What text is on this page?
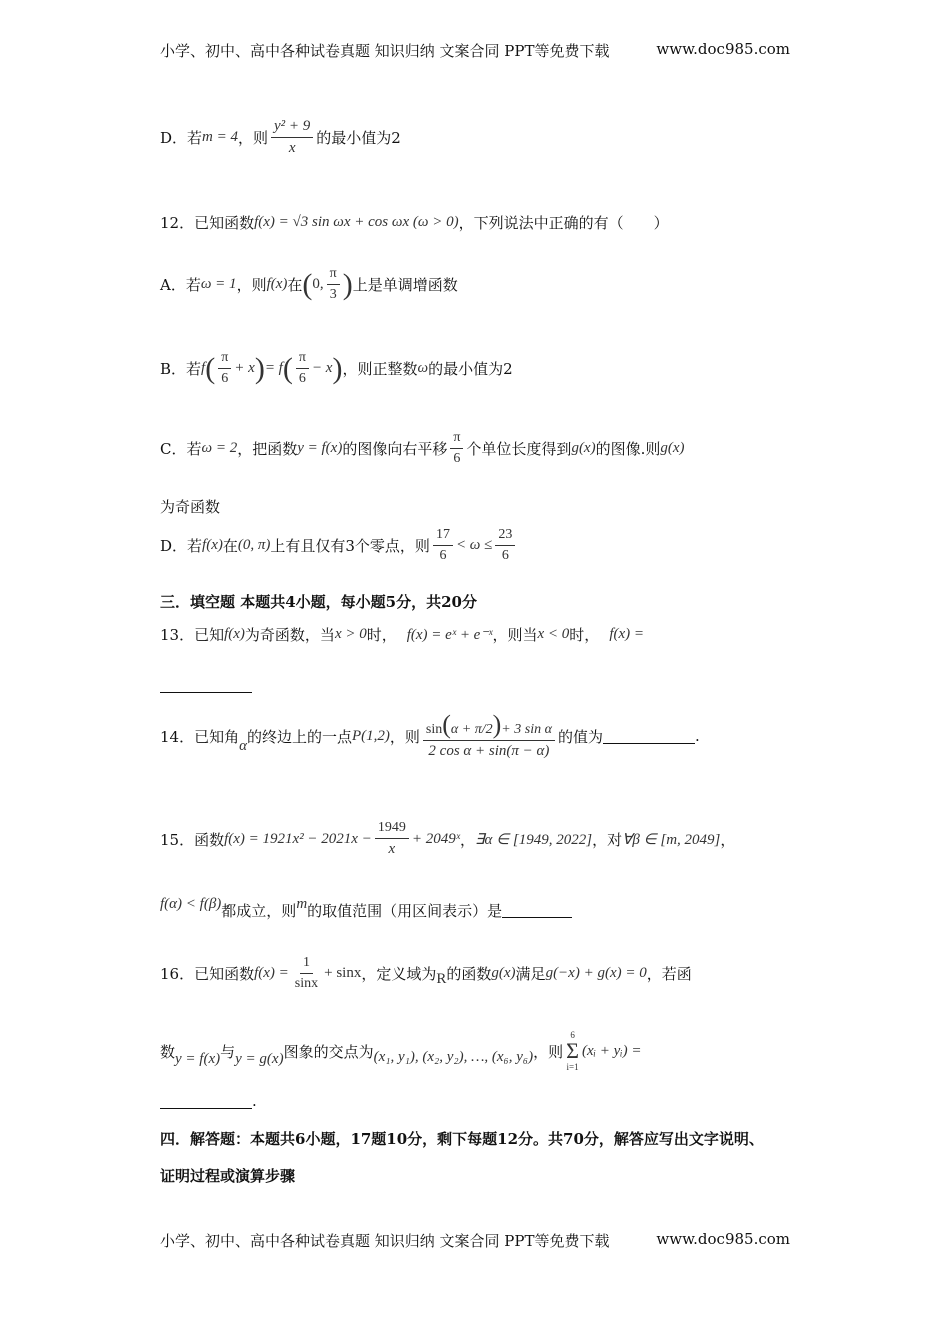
小学、初中、高中各种试卷真题 知识归纳 文案合同 PPT等免费下载	www.doc985.com
D．若 m = 4 ，则 $\frac{\text{y² + 9}}{x}$ 的最小值为2
12．已知函数 f(x) = √3 sin ωx + cos ωx (ω > 0) ，下列说法中正确的有（　　）
A．若 ω = 1 ，则 f(x) 在 ( 0, $\frac{\pi}{3}$ ) 上是单调增函数
B．若 f ( $\frac{\pi}{6} + x$ ) = f ( $\frac{\pi}{6} - x$ ) ，则正整数 ω 的最小值为2
C．若 ω = 2 ，把函数 y = f(x) 的图像向右平移 $\frac{\pi}{6}$ 个单位长度得到 g(x) 的图像.则 g(x)
为奇函数
D．若 f(x) 在 (0, π) 上有且仅有3个零点，则 $\frac{17}{6} < \omega \le \frac{23}{6}$
三．填空题 本题共4小题，每小题5分，共20分
13．已知 f(x) 为奇函数，当 x > 0 时， f(x) = eˣ + e⁻ˣ ，则当 x < 0 时， f(x) =
14．已知角 α 的终边上的一点 P(1,2) ，则 $\frac{\text{sin(α + π/2)+ 3 sin α}}{\text{2 cos α + sin(π − α)}}$ 的值为	.
15．函数 $f(x) = 1921x^2 - 2021x - \frac{1949}{x}$ + 2049ˣ ， ∃α ∈ [1949, 2022] ，对 ∀β ∈ [m, 2049] ，
f(α) < f(β) 都成立，则 m 的取值范围（用区间表示）是
16．已知函数 $f(x) = \frac{1}{\sin x} + \sin x$ ，定义域为 R 的函数 g(x) 满足 g(−x) + g(x) = 0 ，若函
数 y = f(x) 与 y = g(x) 图象的交点为 (x₁, y₁), (x₂, y₂), …, (x₆, y₆) ，则
6
Σ
i=1
(xᵢ + yᵢ) =
.
四．解答题：本题共6小题，17题10分，剩下每题12分。共70分，解答应写出文字说明、
证明过程或演算步骤
小学、初中、高中各种试卷真题 知识归纳 文案合同 PPT等免费下载	www.doc985.com
